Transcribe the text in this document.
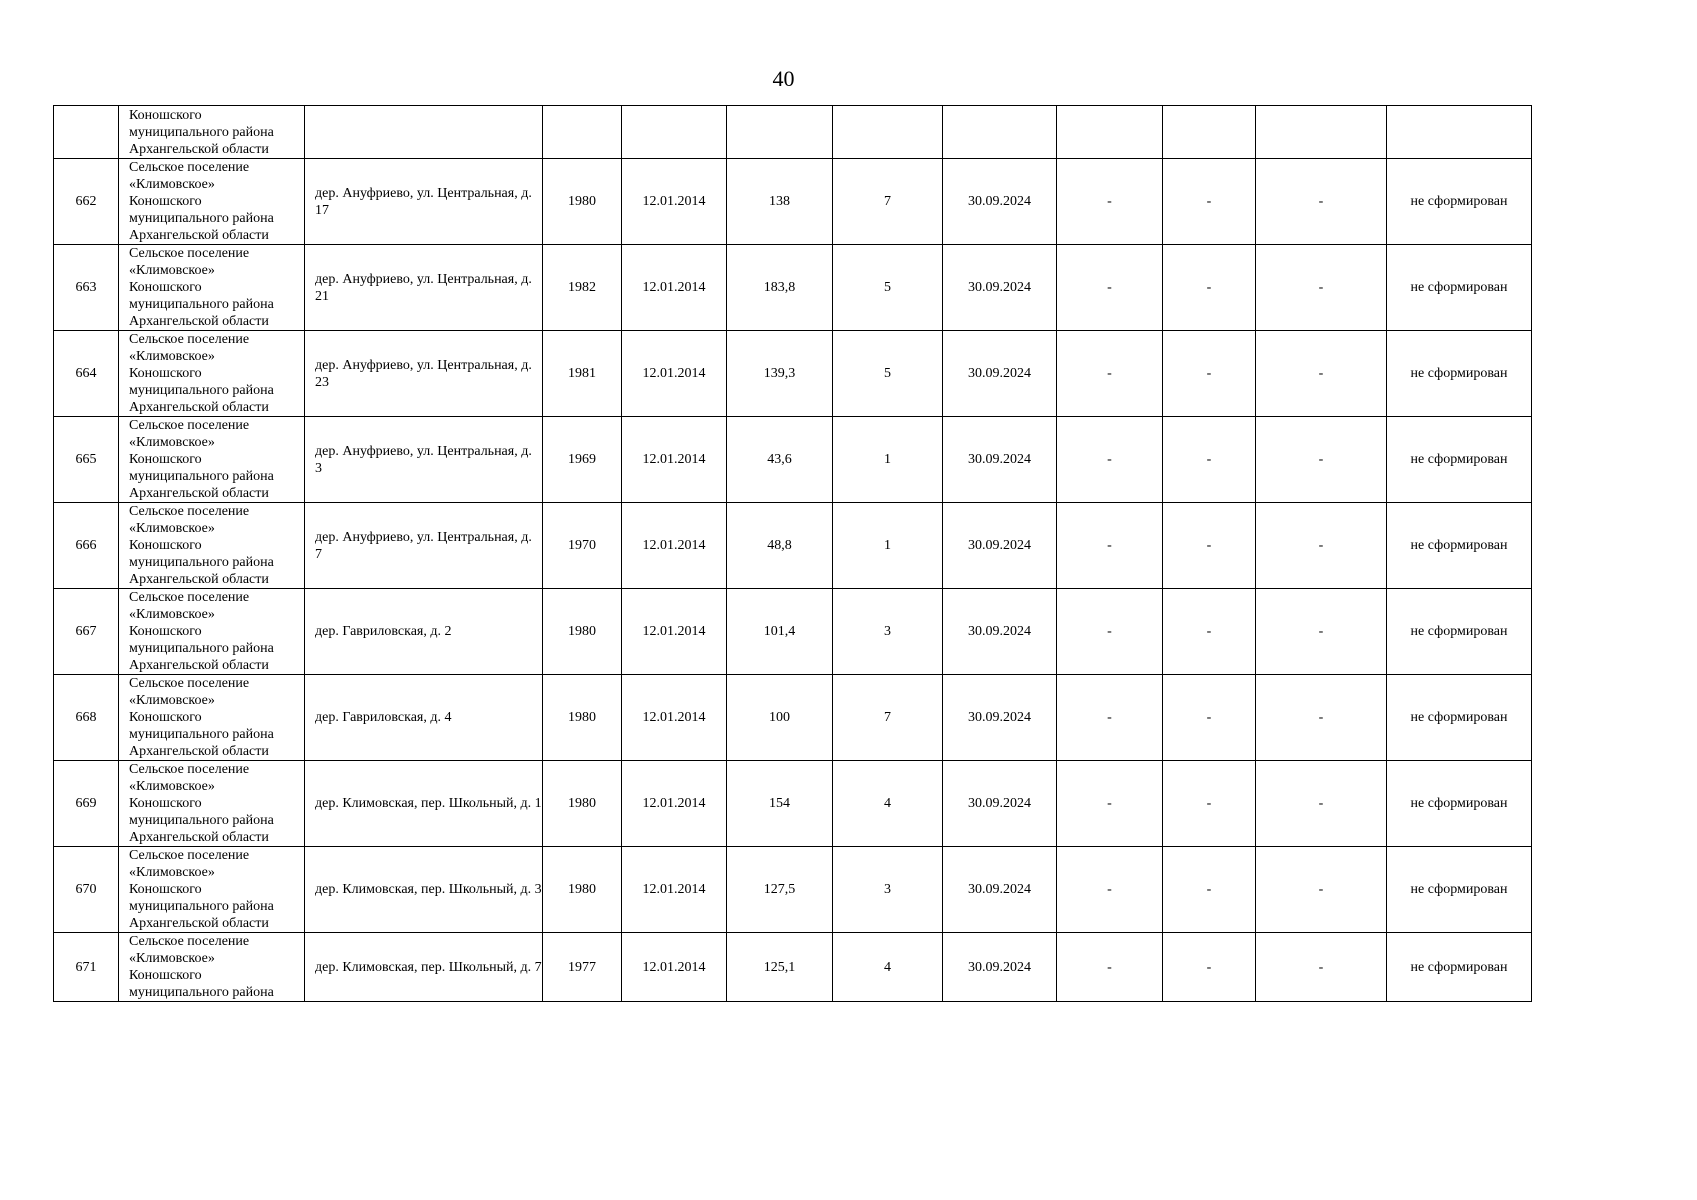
40

	Коношского
муниципального района
Архангельской области										

662	Сельское поселение
«Климовское»
Коношского
муниципального района
Архангельской области	дер. Ануфриево, ул. Центральная, д. 17	1980	12.01.2014	138	7	30.09.2024	-	-	-	не сформирован
663	Сельское поселение
«Климовское»
Коношского
муниципального района
Архангельской области	дер. Ануфриево, ул. Центральная, д. 21	1982	12.01.2014	183,8	5	30.09.2024	-	-	-	не сформирован
664	Сельское поселение
«Климовское»
Коношского
муниципального района
Архангельской области	дер. Ануфриево, ул. Центральная, д. 23	1981	12.01.2014	139,3	5	30.09.2024	-	-	-	не сформирован
665	Сельское поселение
«Климовское»
Коношского
муниципального района
Архангельской области	дер. Ануфриево, ул. Центральная, д. 3	1969	12.01.2014	43,6	1	30.09.2024	-	-	-	не сформирован
666	Сельское поселение
«Климовское»
Коношского
муниципального района
Архангельской области	дер. Ануфриево, ул. Центральная, д. 7	1970	12.01.2014	48,8	1	30.09.2024	-	-	-	не сформирован
667	Сельское поселение
«Климовское»
Коношского
муниципального района
Архангельской области	дер. Гавриловская, д. 2	1980	12.01.2014	101,4	3	30.09.2024	-	-	-	не сформирован
668	Сельское поселение
«Климовское»
Коношского
муниципального района
Архангельской области	дер. Гавриловская, д. 4	1980	12.01.2014	100	7	30.09.2024	-	-	-	не сформирован
669	Сельское поселение
«Климовское»
Коношского
муниципального района
Архангельской области	дер. Климовская, пер. Школьный, д. 1	1980	12.01.2014	154	4	30.09.2024	-	-	-	не сформирован
670	Сельское поселение
«Климовское»
Коношского
муниципального района
Архангельской области	дер. Климовская, пер. Школьный, д. 3	1980	12.01.2014	127,5	3	30.09.2024	-	-	-	не сформирован
671	Сельское поселение
«Климовское»
Коношского
муниципального района	дер. Климовская, пер. Школьный, д. 7	1977	12.01.2014	125,1	4	30.09.2024	-	-	-	не сформирован
